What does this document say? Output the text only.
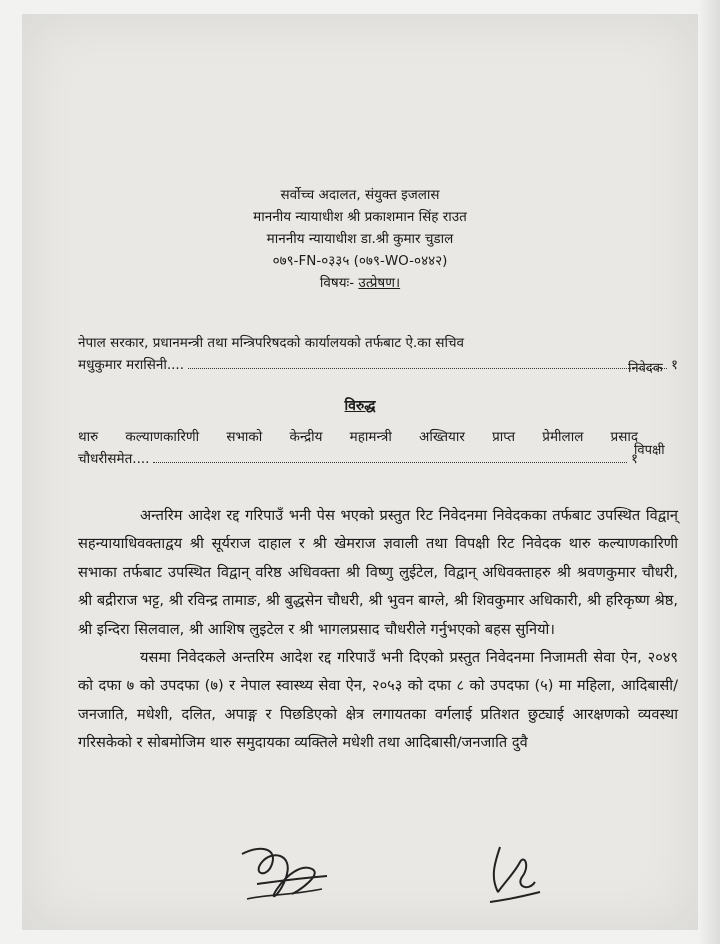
सर्वोच्च अदालत, संयुक्त इजलास
माननीय न्यायाधीश श्री प्रकाशमान सिंह राउत
माननीय न्यायाधीश डा.श्री कुमार चुडाल
०७९-FN-०३३५ (०७९-WO-०४४२)
विषयः- उत्प्रेषण।
नेपाल सरकार, प्रधानमन्त्री तथा मन्त्रिपरिषदको कार्यालयको तर्फबाट ऐ.का सचिव
मधुकुमार मरासिनी....	१
निवेदक
विरुद्ध
थारु कल्याणकारिणी सभाको केन्द्रीय महामन्त्री अख्तियार प्राप्त प्रेमीलाल प्रसाद
चौधरीसमेत....	१
विपक्षी

अन्तरिम आदेश रद्द गरिपाउँ भनी पेस भएको प्रस्तुत रिट निवेदनमा निवेदकका तर्फबाट उपस्थित विद्वान् सहन्यायाधिवक्ताद्वय श्री सूर्यराज दाहाल र श्री खेमराज ज्ञवाली तथा विपक्षी रिट निवेदक थारु कल्याणकारिणी सभाका तर्फबाट उपस्थित विद्वान् वरिष्ठ अधिवक्ता श्री विष्णु लुईटेल, विद्वान् अधिवक्ताहरु श्री श्रवणकुमार चौधरी, श्री बद्रीराज भट्ट, श्री रविन्द्र तामाङ, श्री बुद्धसेन चौधरी, श्री भुवन बाग्ले, श्री शिवकुमार अधिकारी, श्री हरिकृष्ण श्रेष्ठ, श्री इन्दिरा सिलवाल, श्री आशिष लुइटेल र श्री भागलप्रसाद चौधरीले गर्नुभएको बहस सुनियो।

यसमा निवेदकले अन्तरिम आदेश रद्द गरिपाउँ भनी दिएको प्रस्तुत निवेदनमा निजामती सेवा ऐन, २०४९ को दफा ७ को उपदफा (७) र नेपाल स्वास्थ्य सेवा ऐन, २०५३ को दफा ८ को उपदफा (५) मा महिला, आदिबासी/जनजाति, मधेशी, दलित, अपाङ्ग र पिछडिएको क्षेत्र लगायतका वर्गलाई प्रतिशत छुट्याई आरक्षणको व्यवस्था गरिसकेको र सोबमोजिम थारु समुदायका व्यक्तिले मधेशी तथा आदिबासी/जनजाति दुवै
